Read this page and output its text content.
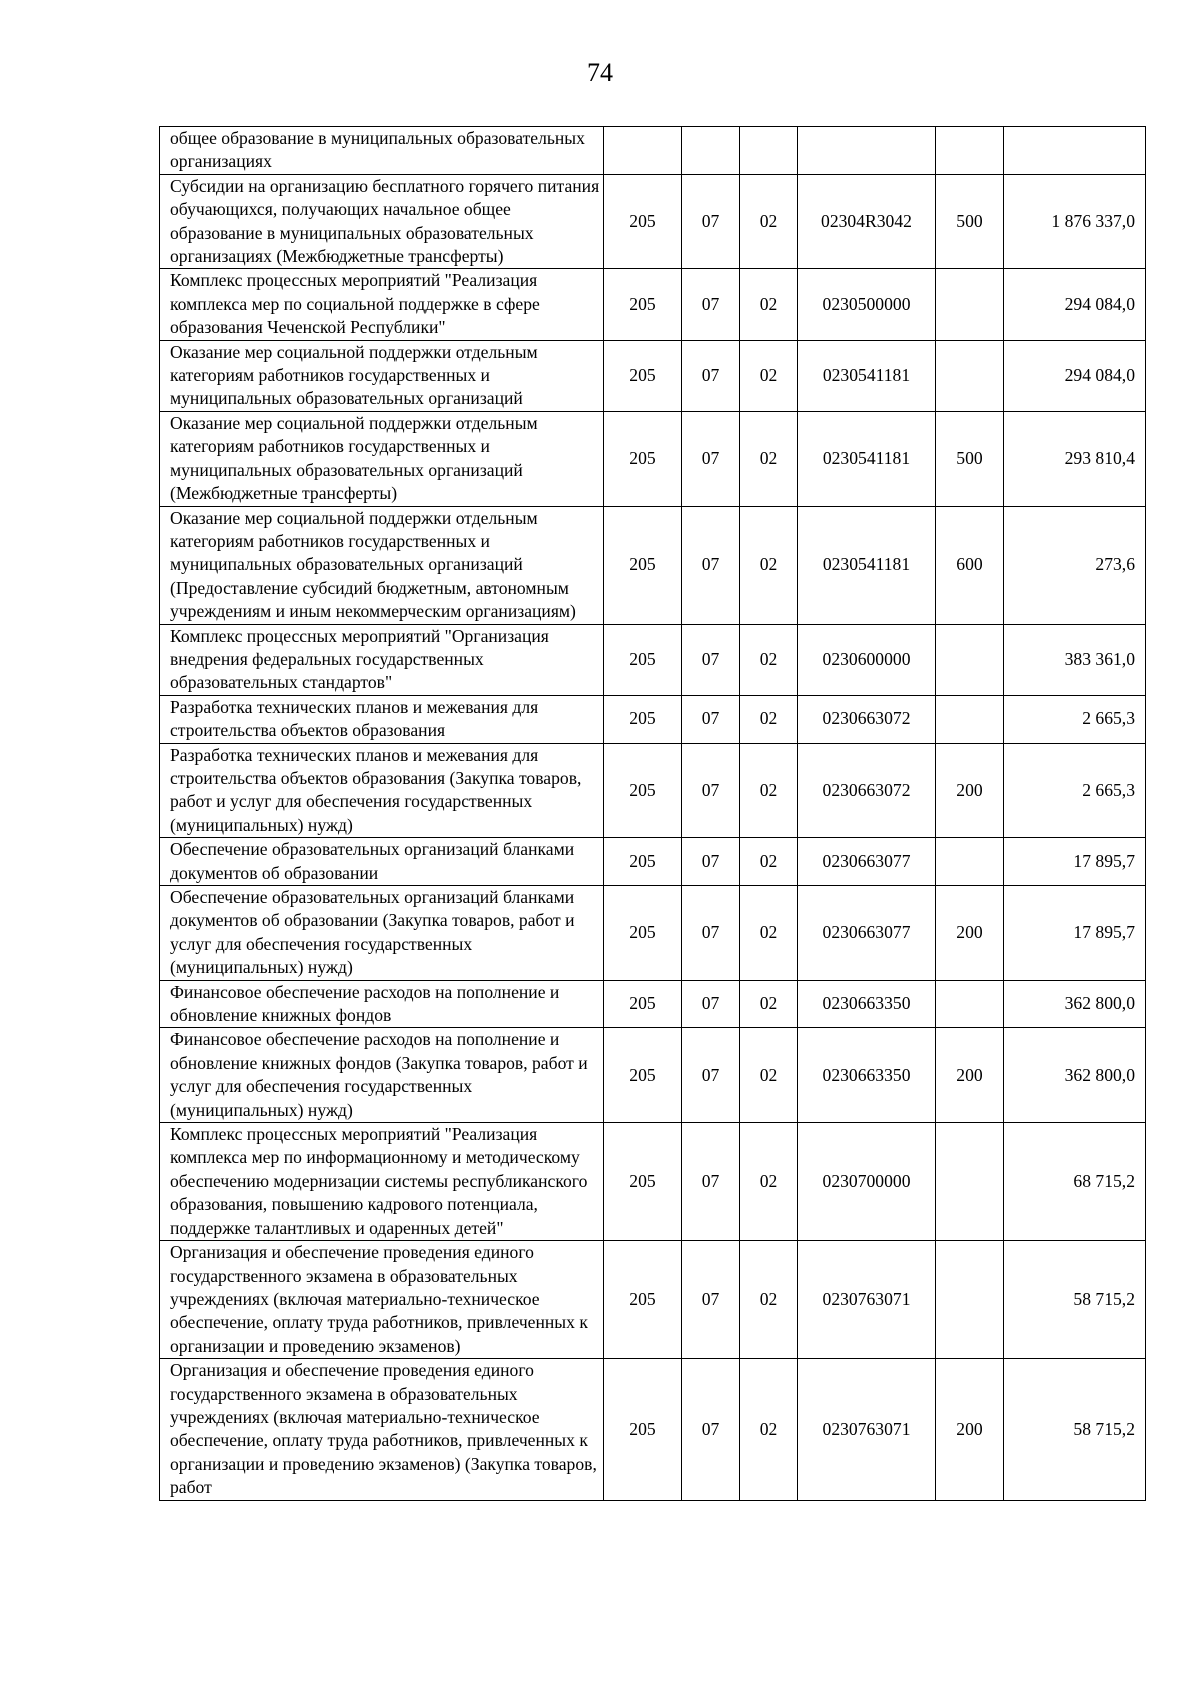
74
общее образование в муниципальных образовательных организациях						
Субсидии на организацию бесплатного горячего питания обучающихся, получающих начальное общее образование в муниципальных образовательных организациях (Межбюджетные трансферты)	205	07	02	02304R3042	500	1 876 337,0
Комплекс процессных мероприятий "Реализация комплекса мер по социальной поддержке в сфере образования Чеченской Республики"	205	07	02	0230500000		294 084,0
Оказание мер социальной поддержки отдельным категориям работников государственных и муниципальных образовательных организаций	205	07	02	0230541181		294 084,0
Оказание мер социальной поддержки отдельным категориям работников государственных и муниципальных образовательных организаций (Межбюджетные трансферты)	205	07	02	0230541181	500	293 810,4
Оказание мер социальной поддержки отдельным категориям работников государственных и муниципальных образовательных организаций (Предоставление субсидий бюджетным, автономным учреждениям и иным некоммерческим организациям)	205	07	02	0230541181	600	273,6
Комплекс процессных мероприятий "Организация внедрения федеральных государственных образовательных стандартов"	205	07	02	0230600000		383 361,0
Разработка технических планов и межевания для строительства объектов образования	205	07	02	0230663072		2 665,3
Разработка технических планов и межевания для строительства объектов образования (Закупка товаров, работ и услуг для обеспечения государственных (муниципальных) нужд)	205	07	02	0230663072	200	2 665,3
Обеспечение образовательных организаций бланками документов об образовании	205	07	02	0230663077		17 895,7
Обеспечение образовательных организаций бланками документов об образовании (Закупка товаров, работ и услуг для обеспечения государственных (муниципальных) нужд)	205	07	02	0230663077	200	17 895,7
Финансовое обеспечение расходов на пополнение и обновление книжных фондов	205	07	02	0230663350		362 800,0
Финансовое обеспечение расходов на пополнение и обновление книжных фондов (Закупка товаров, работ и услуг для обеспечения государственных (муниципальных) нужд)	205	07	02	0230663350	200	362 800,0
Комплекс процессных мероприятий "Реализация комплекса мер по информационному и методическому обеспечению модернизации системы республиканского образования, повышению кадрового потенциала, поддержке талантливых и одаренных детей"	205	07	02	0230700000		68 715,2
Организация и обеспечение проведения единого государственного экзамена в образовательных учреждениях (включая материально-техническое обеспечение, оплату труда работников, привлеченных к организации и проведению экзаменов)	205	07	02	0230763071		58 715,2
Организация и обеспечение проведения единого государственного экзамена в образовательных учреждениях (включая материально-техническое обеспечение, оплату труда работников, привлеченных к организации и проведению экзаменов) (Закупка товаров, работ	205	07	02	0230763071	200	58 715,2
